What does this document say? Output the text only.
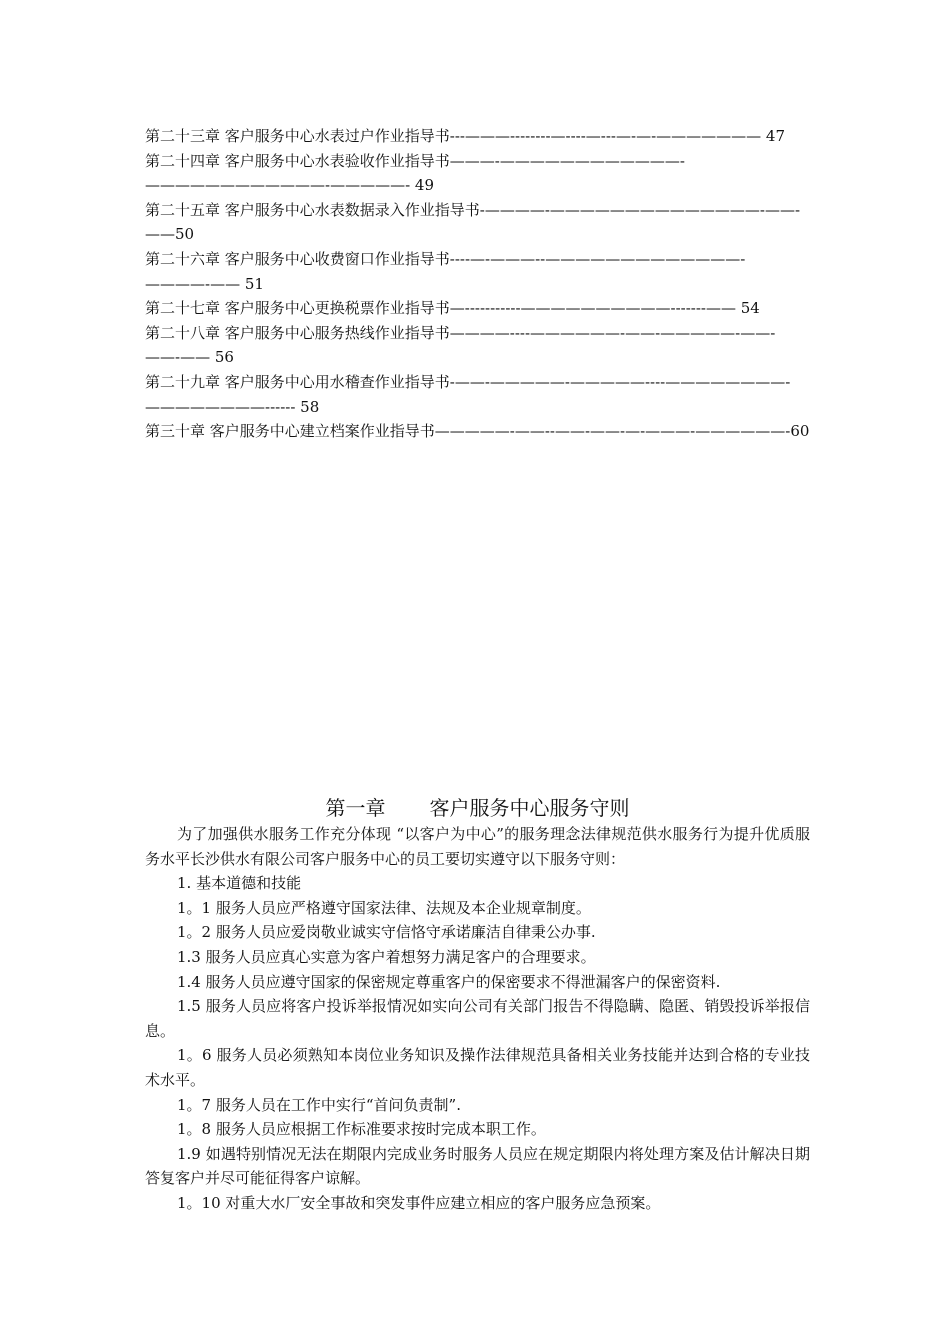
第二十三章 客户服务中心水表过户作业指导书---———--------—----—---—-—-——————— 47
第二十四章 客户服务中心水表验收作业指导书———-————————————-————————————-—————- 49
第二十五章 客户服务中心水表数据录入作业指导书-————-——————————————-——-——50
第二十六章 客户服务中心收费窗口作业指导书----—-———--—————————————-————-—— 51
第二十七章 客户服务中心更换税票作业指导书—-----------——————————-------—— 54
第二十八章 客户服务中心服务热线作业指导书————----——————-——-—————-——-——-—— 56
第二十九章 客户服务中心用水稽查作业指导书-——-—————-—————----————————-————————------ 58
第三十章 客户服务中心建立档案作业指导书—————-——--——-——-—-———-——————-60
第一章 客户服务中心服务守则

为了加强供水服务工作充分体现 “以客户为中心”的服务理念法律规范供水服务行为提升优质服务水平长沙供水有限公司客户服务中心的员工要切实遵守以下服务守则：

1. 基本道德和技能

1。1 服务人员应严格遵守国家法律、法规及本企业规章制度。

1。2 服务人员应爱岗敬业诚实守信恪守承诺廉洁自律秉公办事.

1.3 服务人员应真心实意为客户着想努力满足客户的合理要求。

1.4 服务人员应遵守国家的保密规定尊重客户的保密要求不得泄漏客户的保密资料.

1.5 服务人员应将客户投诉举报情况如实向公司有关部门报告不得隐瞒、隐匿、销毁投诉举报信息。

1。6 服务人员必须熟知本岗位业务知识及操作法律规范具备相关业务技能并达到合格的专业技术水平。

1。7 服务人员在工作中实行“首问负责制”.

1。8 服务人员应根据工作标准要求按时完成本职工作。

1.9 如遇特别情况无法在期限内完成业务时服务人员应在规定期限内将处理方案及估计解决日期答复客户并尽可能征得客户谅解。

1。10 对重大水厂安全事故和突发事件应建立相应的客户服务应急预案。
